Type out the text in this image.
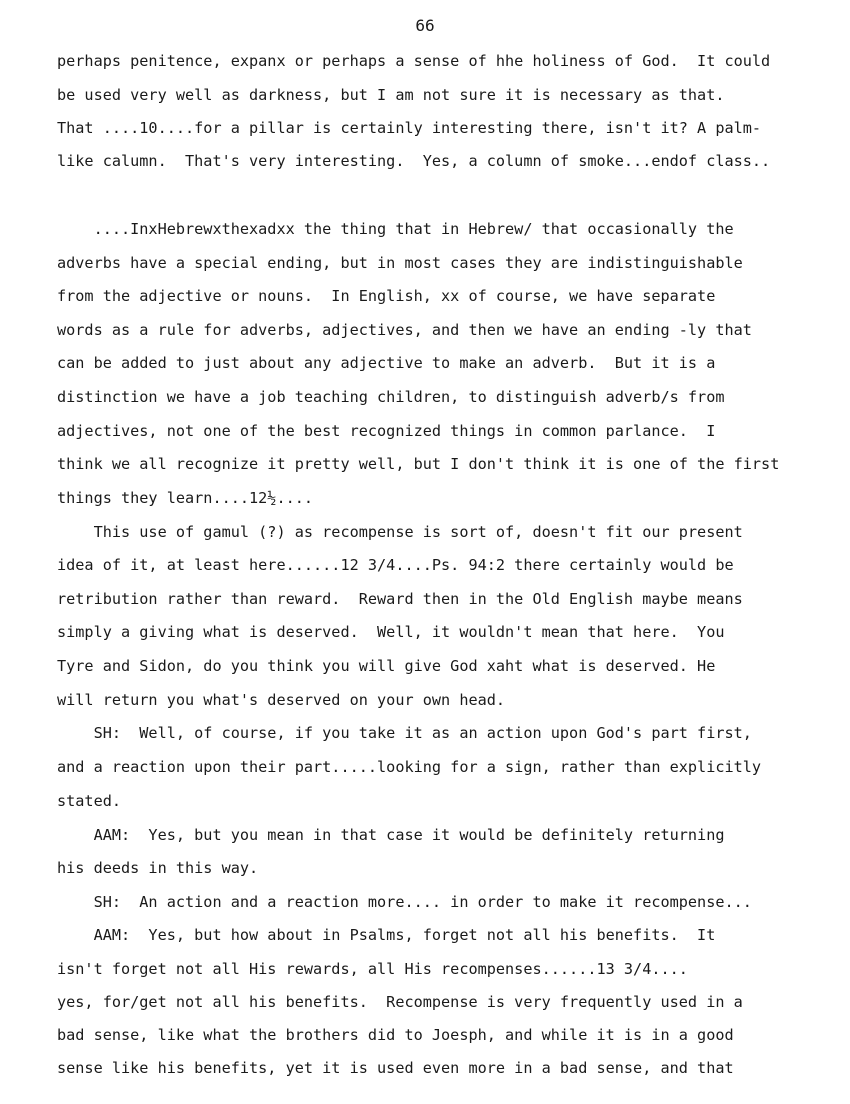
66
perhaps penitence, expanx or perhaps a sense of hhe holiness of God.  It could
be used very well as darkness, but I am not sure it is necessary as that.
That ....10....for a pillar is certainly interesting there, isn't it? A palm-
like calumn.  That's very interesting.  Yes, a column of smoke...endof class..
....InxHebrewxthexadxx the thing that in Hebrew/ that occasionally the
adverbs have a special ending, but in most cases they are indistinguishable
from the adjective or nouns.  In English, xx of course, we have separate
words as a rule for adverbs, adjectives, and then we have an ending -ly that
can be added to just about any adjective to make an adverb.  But it is a
distinction we have a job teaching children, to distinguish adverb/s from
adjectives, not one of the best recognized things in common parlance.  I
think we all recognize it pretty well, but I don't think it is one of the first
things they learn....12½....
This use of gamul (?) as recompense is sort of, doesn't fit our present
idea of it, at least here......12 3/4....Ps. 94:2 there certainly would be
retribution rather than reward.  Reward then in the Old English maybe means
simply a giving what is deserved.  Well, it wouldn't mean that here.  You
Tyre and Sidon, do you think you will give God xaht what is deserved. He
will return you what's deserved on your own head.
SH:  Well, of course, if you take it as an action upon God's part first,
and a reaction upon their part.....looking for a sign, rather than explicitly
stated.
AAM:  Yes, but you mean in that case it would be definitely returning
his deeds in this way.
SH:  An action and a reaction more.... in order to make it recompense...
AAM:  Yes, but how about in Psalms, forget not all his benefits.  It
isn't forget not all His rewards, all His recompenses......13 3/4....
yes, for/get not all his benefits.  Recompense is very frequently used in a
bad sense, like what the brothers did to Joesph, and while it is in a good
sense like his benefits, yet it is used even more in a bad sense, and that
